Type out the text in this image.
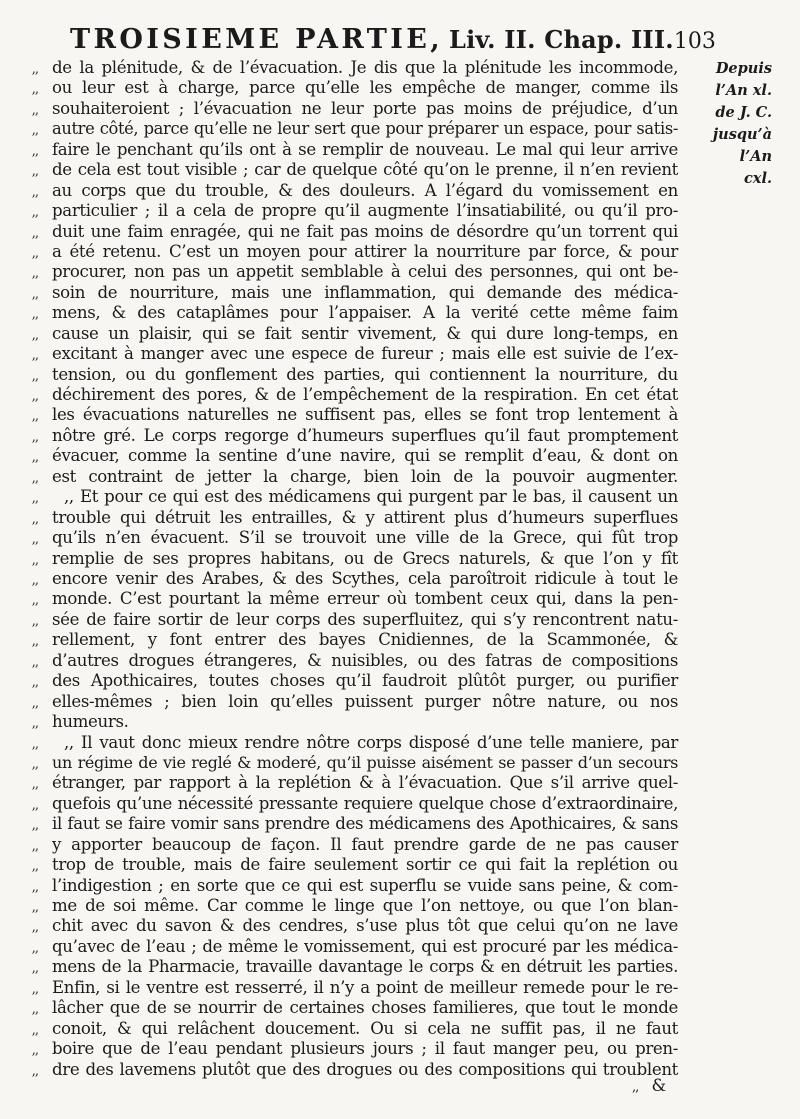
TROISIEME PARTIE, Liv. II. Chap. III. 103
Depuis
l’An xl.
de J. C.
jusqu’à
l’An
cxl.
,, de la plénitude, & de l’évacuation. Je dis que la plénitude les incommode,
,, ou leur est à charge, parce qu’elle les empêche de manger, comme ils
,, souhaiteroient ; l’évacuation ne leur porte pas moins de préjudice, d’un
,, autre côté, parce qu’elle ne leur sert que pour préparer un espace, pour satis-
,, faire le penchant qu’ils ont à se remplir de nouveau. Le mal qui leur arrive
,, de cela est tout visible ; car de quelque côté qu’on le prenne, il n’en revient
,, au corps que du trouble, & des douleurs. A l’égard du vomissement en
,, particulier ; il a cela de propre qu’il augmente l’insatiabilité, ou qu’il pro-
,, duit une faim enragée, qui ne fait pas moins de désordre qu’un torrent qui
,, a été retenu. C’est un moyen pour attirer la nourriture par force, & pour
,, procurer, non pas un appetit semblable à celui des personnes, qui ont be-
,, soin de nourriture, mais une inflammation, qui demande des médica-
,, mens, & des cataplâmes pour l’appaiser. A la verité cette même faim
,, cause un plaisir, qui se fait sentir vivement, & qui dure long-temps, en
,, excitant à manger avec une espece de fureur ; mais elle est suivie de l’ex-
,, tension, ou du gonflement des parties, qui contiennent la nourriture, du
,, déchirement des pores, & de l’empêchement de la respiration. En cet état
,, les évacuations naturelles ne suffisent pas, elles se font trop lentement à
,, nôtre gré. Le corps regorge d’humeurs superflues qu’il faut promptement
,, évacuer, comme la sentine d’une navire, qui se remplit d’eau, & dont on
,, est contraint de jetter la charge, bien loin de la pouvoir augmenter.
,,	,, Et pour ce qui est des médicamens qui purgent par le bas, il causent un
,, trouble qui détruit les entrailles, & y attirent plus d’humeurs superflues
,, qu’ils n’en évacuent. S’il se trouvoit une ville de la Grece, qui fût trop
,, remplie de ses propres habitans, ou de Grecs naturels, & que l’on y fît
,, encore venir des Arabes, & des Scythes, cela paroîtroit ridicule à tout le
,, monde. C’est pourtant la même erreur où tombent ceux qui, dans la pen-
,, sée de faire sortir de leur corps des superfluitez, qui s’y rencontrent natu-
,, rellement, y font entrer des bayes Cnidiennes, de la Scammonée, &
,, d’autres drogues étrangeres, & nuisibles, ou des fatras de compositions
,, des Apothicaires, toutes choses qu’il faudroit plûtôt purger, ou purifier
,, elles-mêmes ; bien loin qu’elles puissent purger nôtre nature, ou nos
,, humeurs.
,,	,, Il vaut donc mieux rendre nôtre corps disposé d’une telle maniere, par
,, un régime de vie reglé & moderé, qu’il puisse aisément se passer d’un secours
,, étranger, par rapport à la replétion & à l’évacuation. Que s’il arrive quel-
,, quefois qu’une nécessité pressante requiere quelque chose d’extraordinaire,
,, il faut se faire vomir sans prendre des médicamens des Apothicaires, & sans
,, y apporter beaucoup de façon. Il faut prendre garde de ne pas causer
,, trop de trouble, mais de faire seulement sortir ce qui fait la replétion ou
,, l’indigestion ; en sorte que ce qui est superflu se vuide sans peine, & com-
,, me de soi même. Car comme le linge que l’on nettoye, ou que l’on blan-
,, chit avec du savon & des cendres, s’use plus tôt que celui qu’on ne lave
,, qu’avec de l’eau ; de même le vomissement, qui est procuré par les médica-
,, mens de la Pharmacie, travaille davantage le corps & en détruit les parties.
,, Enfin, si le ventre est resserré, il n’y a point de meilleur remede pour le re-
,, lâcher que de se nourrir de certaines choses familieres, que tout le monde
,, conoit, & qui relâchent doucement. Ou si cela ne suffit pas, il ne faut
,, boire que de l’eau pendant plusieurs jours ; il faut manger peu, ou pren-
,, dre des lavemens plutôt que des drogues ou des compositions qui troublent
,, &
